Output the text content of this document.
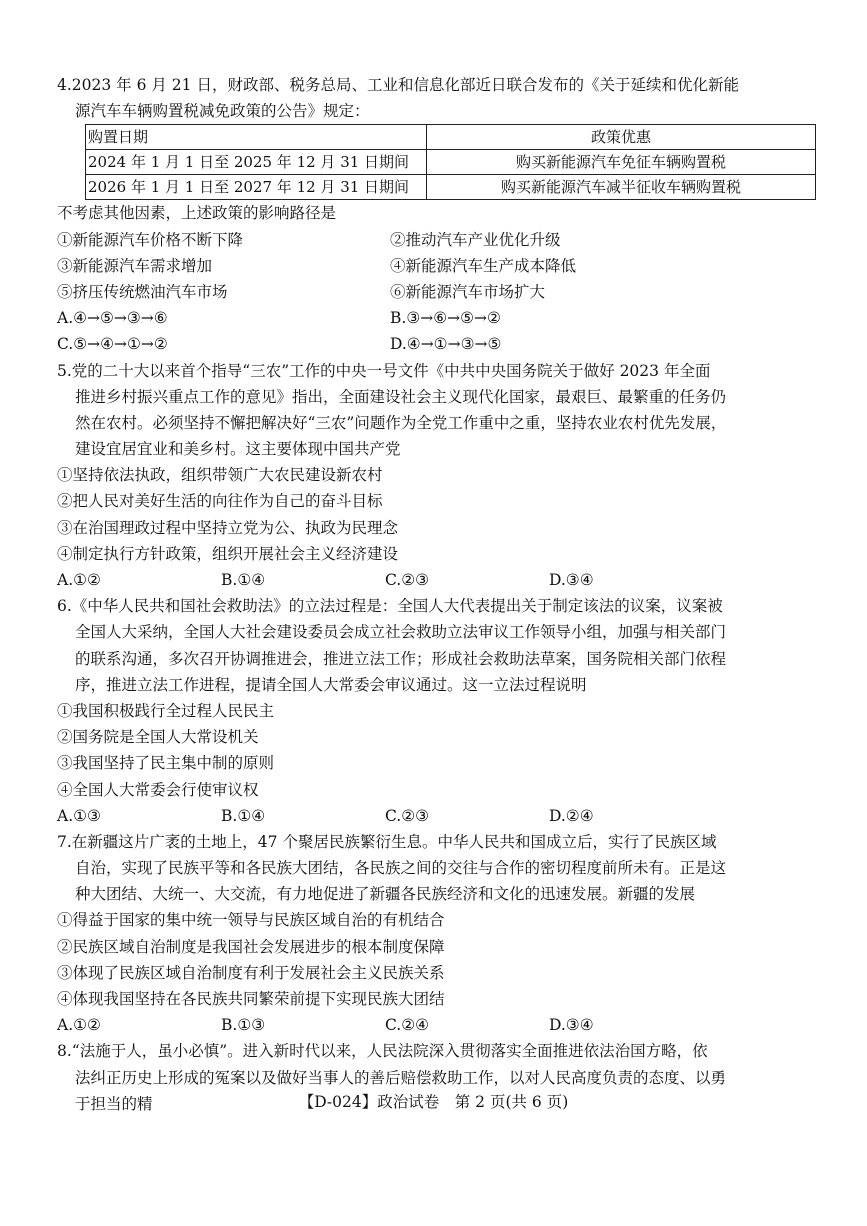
4.2023 年 6 月 21 日，财政部、税务总局、工业和信息化部近日联合发布的《关于延续和优化新能
源汽车车辆购置税减免政策的公告》规定：
购置日期	政策优惠
2024 年 1 月 1 日至 2025 年 12 月 31 日期间	购买新能源汽车免征车辆购置税
2026 年 1 月 1 日至 2027 年 12 月 31 日期间	购买新能源汽车减半征收车辆购置税
不考虑其他因素，上述政策的影响路径是
①新能源汽车价格不断下降	②推动汽车产业优化升级
③新能源汽车需求增加	④新能源汽车生产成本降低
⑤挤压传统燃油汽车市场	⑥新能源汽车市场扩大
A.④→⑤→③→⑥	B.③→⑥→⑤→②
C.⑤→④→①→②	D.④→①→③→⑤
5.党的二十大以来首个指导“三农”工作的中央一号文件《中共中央国务院关于做好 2023 年全面
推进乡村振兴重点工作的意见》指出，全面建设社会主义现代化国家，最艰巨、最繁重的任务仍
然在农村。必须坚持不懈把解决好“三农”问题作为全党工作重中之重，坚持农业农村优先发展，
建设宜居宜业和美乡村。这主要体现中国共产党
①坚持依法执政，组织带领广大农民建设新农村
②把人民对美好生活的向往作为自己的奋斗目标
③在治国理政过程中坚持立党为公、执政为民理念
④制定执行方针政策，组织开展社会主义经济建设
A.①②	B.①④	C.②③	D.③④
6.《中华人民共和国社会救助法》的立法过程是：全国人大代表提出关于制定该法的议案，议案被
全国人大采纳，全国人大社会建设委员会成立社会救助立法审议工作领导小组，加强与相关部门
的联系沟通，多次召开协调推进会，推进立法工作；形成社会救助法草案，国务院相关部门依程
序，推进立法工作进程，提请全国人大常委会审议通过。这一立法过程说明
①我国积极践行全过程人民民主
②国务院是全国人大常设机关
③我国坚持了民主集中制的原则
④全国人大常委会行使审议权
A.①③	B.①④	C.②③	D.②④
7.在新疆这片广袤的土地上，47 个聚居民族繁衍生息。中华人民共和国成立后，实行了民族区域
自治，实现了民族平等和各民族大团结，各民族之间的交往与合作的密切程度前所未有。正是这
种大团结、大统一、大交流，有力地促进了新疆各民族经济和文化的迅速发展。新疆的发展
①得益于国家的集中统一领导与民族区域自治的有机结合
②民族区域自治制度是我国社会发展进步的根本制度保障
③体现了民族区域自治制度有利于发展社会主义民族关系
④体现我国坚持在各民族共同繁荣前提下实现民族大团结
A.①②	B.①③	C.②④	D.③④
8.“法施于人，虽小必慎”。进入新时代以来，人民法院深入贯彻落实全面推进依法治国方略，依
法纠正历史上形成的冤案以及做好当事人的善后赔偿救助工作，以对人民高度负责的态度、以勇
于担当的精	【D-024】政治试卷　第 2 页(共 6 页)
